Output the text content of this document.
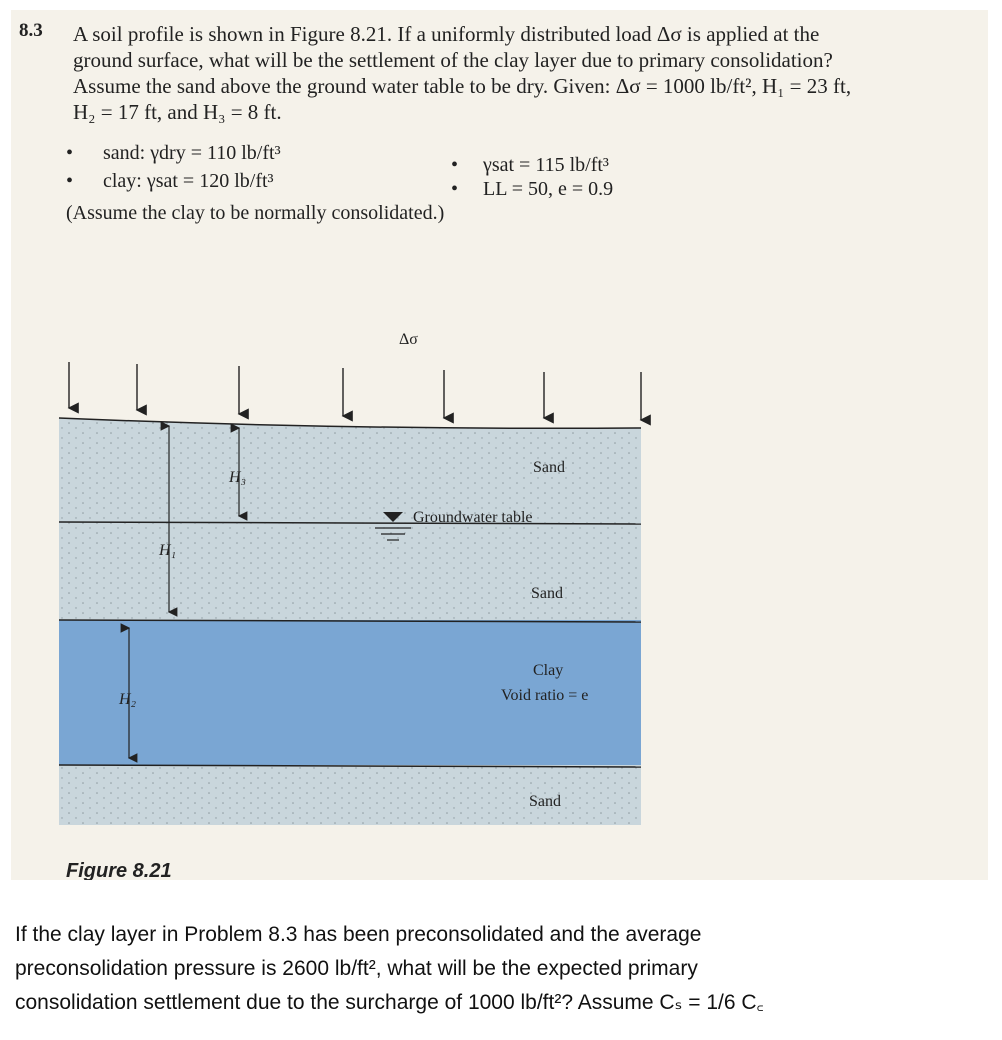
8.3 A soil profile is shown in Figure 8.21. If a uniformly distributed load Δσ is applied at the
ground surface, what will be the settlement of the clay layer due to primary consolidation?
Assume the sand above the ground water table to be dry. Given: Δσ = 1000 lb/ft², H₁ = 23 ft,
H₂ = 17 ft, and H₃ = 8 ft.
• sand: γdry = 110 lb/ft³
• γsat = 115 lb/ft³
• clay: γsat = 120 lb/ft³	• LL = 50, e = 0.9
(Assume the clay to be normally consolidated.)
Δσ
H₃
H₁
H₂
Sand
Groundwater table
Sand
Clay
Void ratio = e
Sand
Figure 8.21
If the clay layer in Problem 8.3 has been preconsolidated and the average
preconsolidation pressure is 2600 lb/ft², what will be the expected primary
consolidation settlement due to the surcharge of 1000 lb/ft²? Assume Cₛ = 1/6 C꜀
